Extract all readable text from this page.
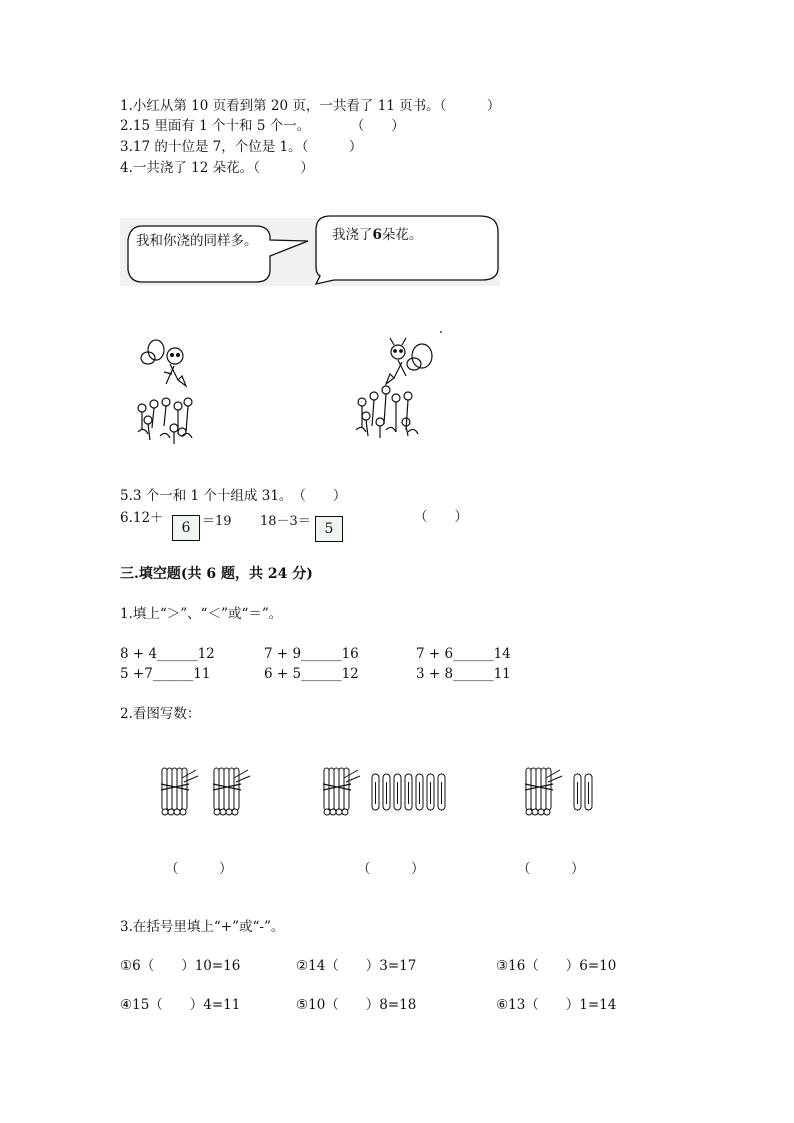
1.小红从第 10 页看到第 20 页，一共看了 11 页书。（　　　）
2.15 里面有 1 个十和 5 个一。　　　　（　　）
3.17 的十位是 7，个位是 1。（　　　）
4.一共浇了 12 朵花。（　　　）
我和你浇的同样多。	我浇了6朵花。
5.3 个一和 1 个十组成 31。　（　　）
6.12＋
6 ＝19 18－3＝ 5
（　　）
三.填空题(共 6 题，共 24 分)
1.填上“＞”、“＜”或“＝”。
8 + 4______12	7 + 9______16	7 + 6______14
5 +7______11	6 + 5______12	3 + 8______11
2.看图写数：
（　　　）	（　　　）	（　　　）
3.在括号里填上“+”或“-”。
①6（　　）10=16	②14（　　）3=17	③16（　　）6=10
④15（　　）4=11	⑤10（　　）8=18	⑥13（　　）1=14
